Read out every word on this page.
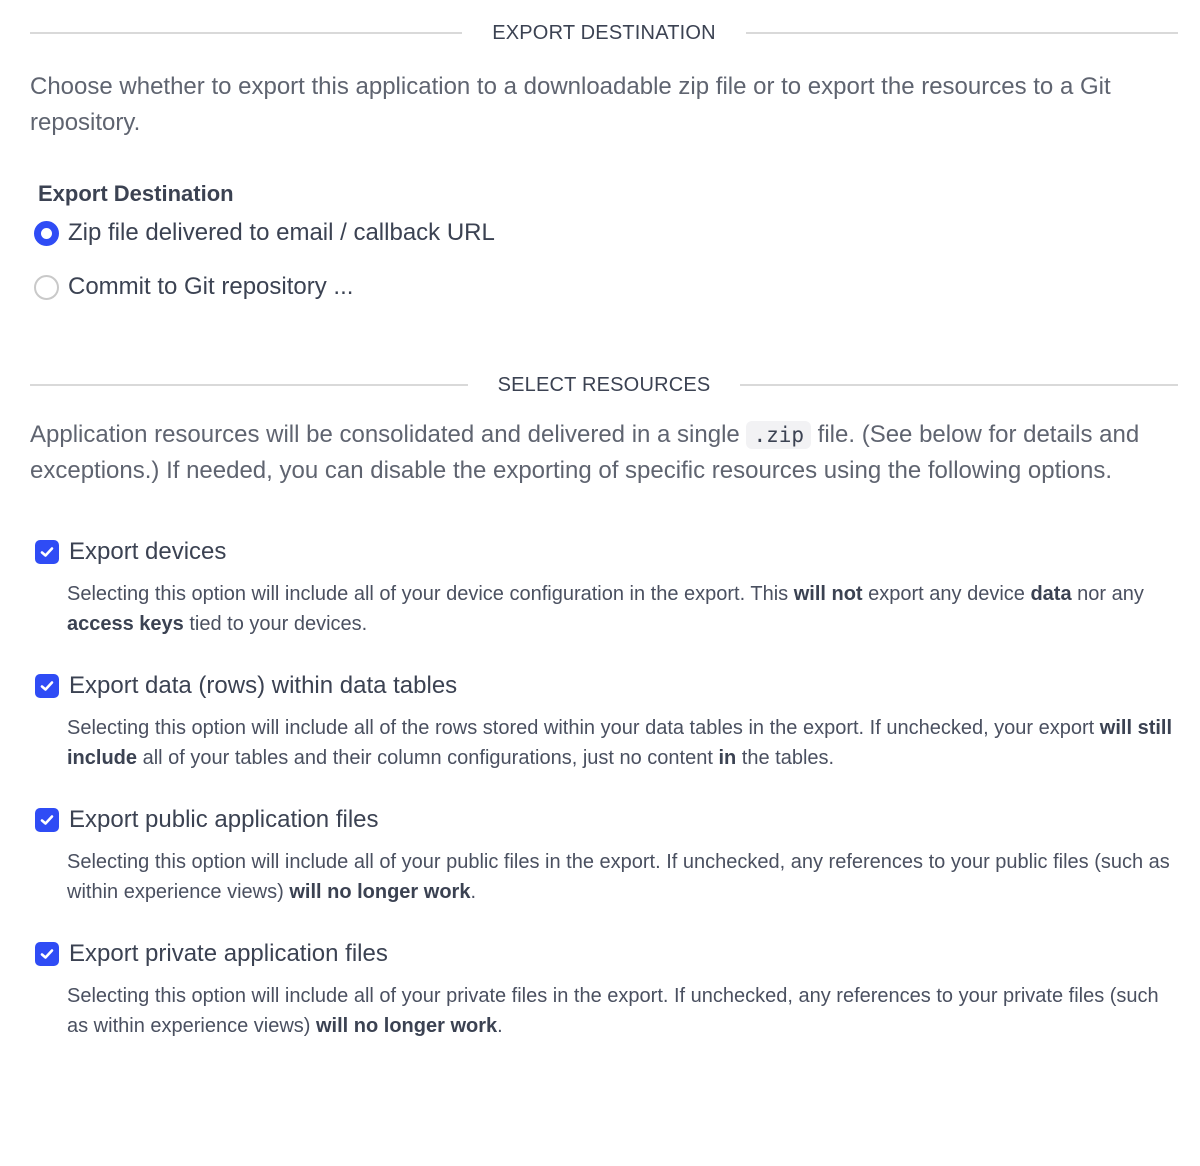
EXPORT DESTINATION

Choose whether to export this application to a downloadable zip file or to export the resources to a Git repository.

Export Destination
Zip file delivered to email / callback URL
Commit to Git repository ...
SELECT RESOURCES

Application resources will be consolidated and delivered in a single .zip file. (See below for details and exceptions.) If needed, you can disable the exporting of specific resources using the following options.

Export devices
Selecting this option will include all of your device configuration in the export. This will not export any device data nor any access keys tied to your devices.
Export data (rows) within data tables
Selecting this option will include all of the rows stored within your data tables in the export. If unchecked, your export will still include all of your tables and their column configurations, just no content in the tables.
Export public application files
Selecting this option will include all of your public files in the export. If unchecked, any references to your public files (such as within experience views) will no longer work.
Export private application files
Selecting this option will include all of your private files in the export. If unchecked, any references to your private files (such as within experience views) will no longer work.
